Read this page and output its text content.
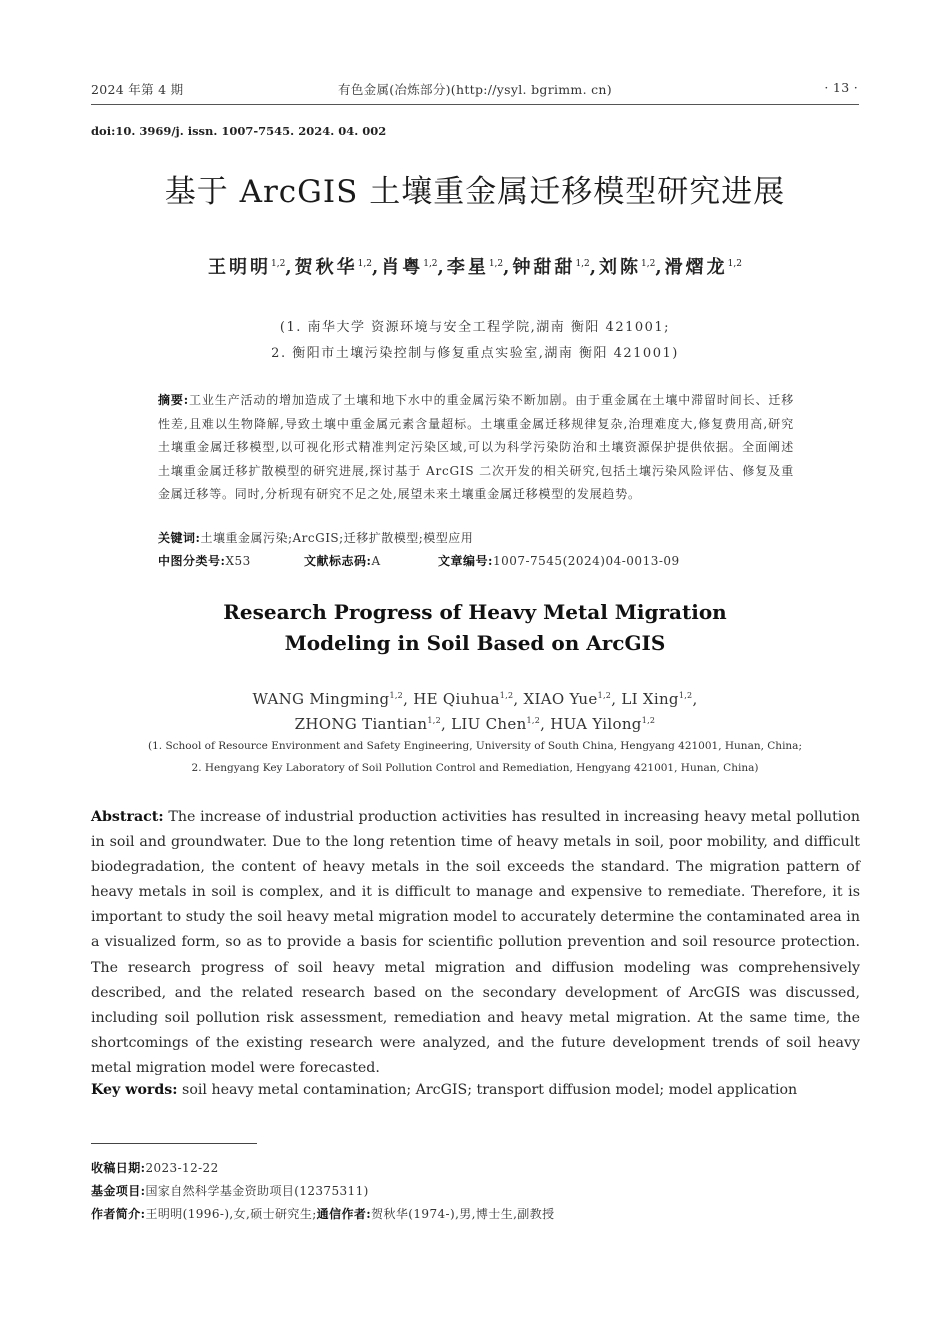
2024 年第 4 期	有色金属(冶炼部分)(http://ysyl. bgrimm. cn)	· 13 ·
doi:10. 3969/j. issn. 1007-7545. 2024. 04. 002
基于 ArcGIS 土壤重金属迁移模型研究进展
王明明$^{1,2}$,贺秋华$^{1,2}$,肖粤$^{1,2}$,李星$^{1,2}$,钟甜甜$^{1,2}$,刘陈$^{1,2}$,滑熠龙$^{1,2}$
(1. 南华大学 资源环境与安全工程学院,湖南 衡阳 421001;
2. 衡阳市土壤污染控制与修复重点实验室,湖南 衡阳 421001)
摘要:工业生产活动的增加造成了土壤和地下水中的重金属污染不断加剧。由于重金属在土壤中滞留时间长、迁移性差,且难以生物降解,导致土壤中重金属元素含量超标。土壤重金属迁移规律复杂,治理难度大,修复费用高,研究土壤重金属迁移模型,以可视化形式精准判定污染区域,可以为科学污染防治和土壤资源保护提供依据。全面阐述土壤重金属迁移扩散模型的研究进展,探讨基于 ArcGIS 二次开发的相关研究,包括土壤污染风险评估、修复及重金属迁移等。同时,分析现有研究不足之处,展望未来土壤重金属迁移模型的发展趋势。
关键词:土壤重金属污染;ArcGIS;迁移扩散模型;模型应用
中图分类号:X53	文献标志码:A	文章编号:1007-7545(2024)04-0013-09
Research Progress of Heavy Metal Migration
Modeling in Soil Based on ArcGIS
WANG Mingming$^{1,2}$, HE Qiuhua$^{1,2}$, XIAO Yue$^{1,2}$, LI Xing$^{1,2}$,
ZHONG Tiantian$^{1,2}$, LIU Chen$^{1,2}$, HUA Yilong$^{1,2}$
(1. School of Resource Environment and Safety Engineering, University of South China, Hengyang 421001, Hunan, China;
2. Hengyang Key Laboratory of Soil Pollution Control and Remediation, Hengyang 421001, Hunan, China)
Abstract: The increase of industrial production activities has resulted in increasing heavy metal pollution in soil and groundwater. Due to the long retention time of heavy metals in soil, poor mobility, and difficult biodegradation, the content of heavy metals in the soil exceeds the standard. The migration pattern of heavy metals in soil is complex, and it is difficult to manage and expensive to remediate. Therefore, it is important to study the soil heavy metal migration model to accurately determine the contaminated area in a visualized form, so as to provide a basis for scientific pollution prevention and soil resource protection. The research progress of soil heavy metal migration and diffusion modeling was comprehensively described, and the related research based on the secondary development of ArcGIS was discussed, including soil pollution risk assessment, remediation and heavy metal migration. At the same time, the shortcomings of the existing research were analyzed, and the future development trends of soil heavy metal migration model were forecasted.
Key words: soil heavy metal contamination; ArcGIS; transport diffusion model; model application
收稿日期:2023-12-22
基金项目:国家自然科学基金资助项目(12375311)
作者简介:王明明(1996-),女,硕士研究生;通信作者:贺秋华(1974-),男,博士生,副教授
